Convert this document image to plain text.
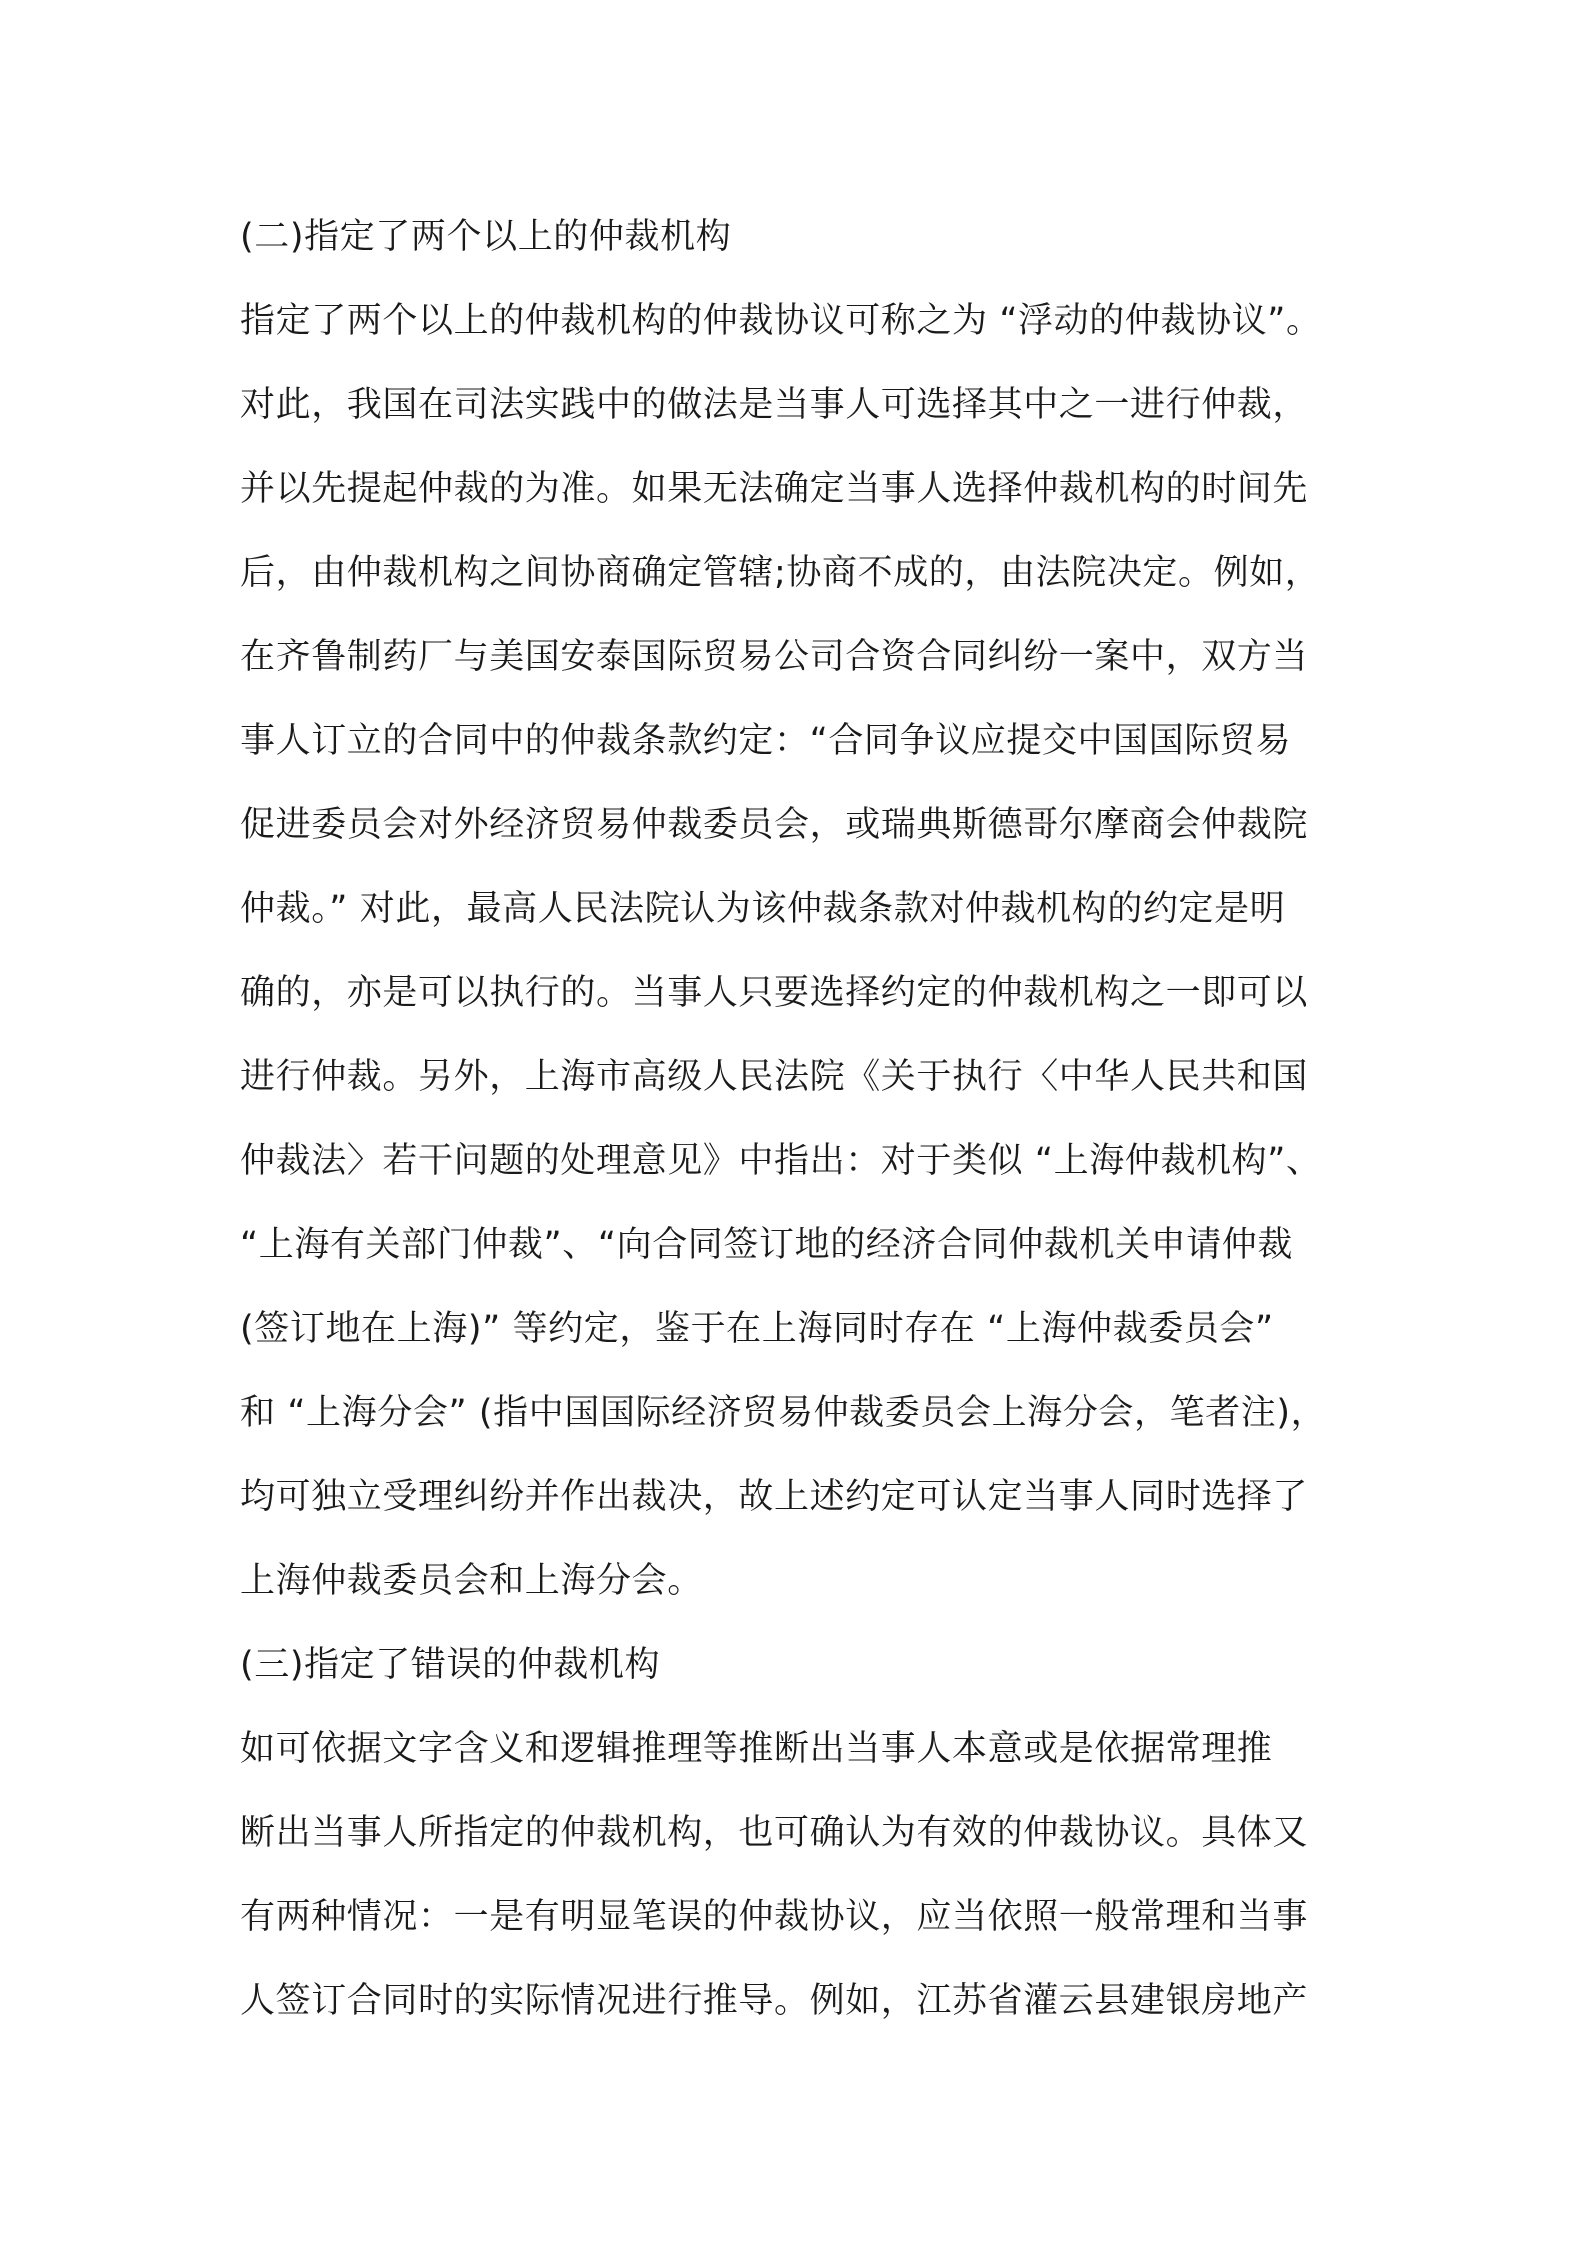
(二)指定了两个以上的仲裁机构
指定了两个以上的仲裁机构的仲裁协议可称之为 “浮动的仲裁协议”。
对此，我国在司法实践中的做法是当事人可选择其中之一进行仲裁，
并以先提起仲裁的为准。如果无法确定当事人选择仲裁机构的时间先
后，由仲裁机构之间协商确定管辖;协商不成的，由法院决定。例如，
在齐鲁制药厂与美国安泰国际贸易公司合资合同纠纷一案中，双方当
事人订立的合同中的仲裁条款约定：“合同争议应提交中国国际贸易
促进委员会对外经济贸易仲裁委员会，或瑞典斯德哥尔摩商会仲裁院
仲裁。” 对此，最高人民法院认为该仲裁条款对仲裁机构的约定是明
确的，亦是可以执行的。当事人只要选择约定的仲裁机构之一即可以
进行仲裁。另外，上海市高级人民法院《关于执行〈中华人民共和国
仲裁法〉若干问题的处理意见》中指出：对于类似 “上海仲裁机构”、
“上海有关部门仲裁”、“向合同签订地的经济合同仲裁机关申请仲裁
(签订地在上海)” 等约定，鉴于在上海同时存在 “上海仲裁委员会”
和 “上海分会” (指中国国际经济贸易仲裁委员会上海分会，笔者注)，
均可独立受理纠纷并作出裁决，故上述约定可认定当事人同时选择了
上海仲裁委员会和上海分会。
(三)指定了错误的仲裁机构
如可依据文字含义和逻辑推理等推断出当事人本意或是依据常理推
断出当事人所指定的仲裁机构，也可确认为有效的仲裁协议。具体又
有两种情况：一是有明显笔误的仲裁协议，应当依照一般常理和当事
人签订合同时的实际情况进行推导。例如，江苏省灌云县建银房地产
